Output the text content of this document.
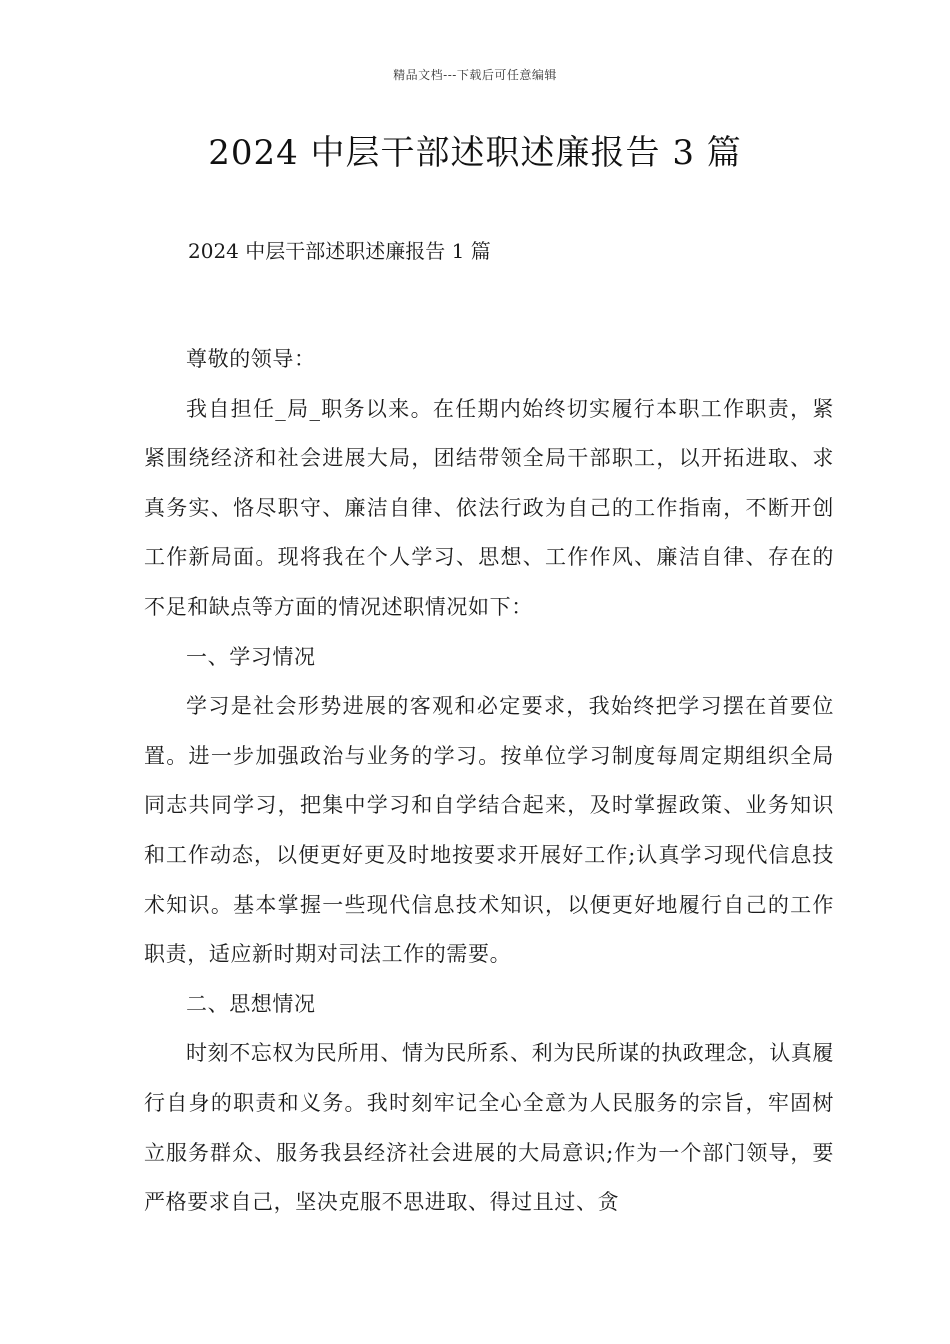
精品文档---下载后可任意编辑
2024 中层干部述职述廉报告 3 篇
2024 中层干部述职述廉报告 1 篇

尊敬的领导：

我自担任_局_职务以来。在任期内始终切实履行本职工作职责，紧紧围绕经济和社会进展大局，团结带领全局干部职工，以开拓进取、求真务实、恪尽职守、廉洁自律、依法行政为自己的工作指南，不断开创工作新局面。现将我在个人学习、思想、工作作风、廉洁自律、存在的不足和缺点等方面的情况述职情况如下：

一、学习情况

学习是社会形势进展的客观和必定要求，我始终把学习摆在首要位置。进一步加强政治与业务的学习。按单位学习制度每周定期组织全局同志共同学习，把集中学习和自学结合起来，及时掌握政策、业务知识和工作动态，以便更好更及时地按要求开展好工作;认真学习现代信息技术知识。基本掌握一些现代信息技术知识，以便更好地履行自己的工作职责，适应新时期对司法工作的需要。

二、思想情况

时刻不忘权为民所用、情为民所系、利为民所谋的执政理念，认真履行自身的职责和义务。我时刻牢记全心全意为人民服务的宗旨，牢固树立服务群众、服务我县经济社会进展的大局意识;作为一个部门领导，要严格要求自己，坚决克服不思进取、得过且过、贪
